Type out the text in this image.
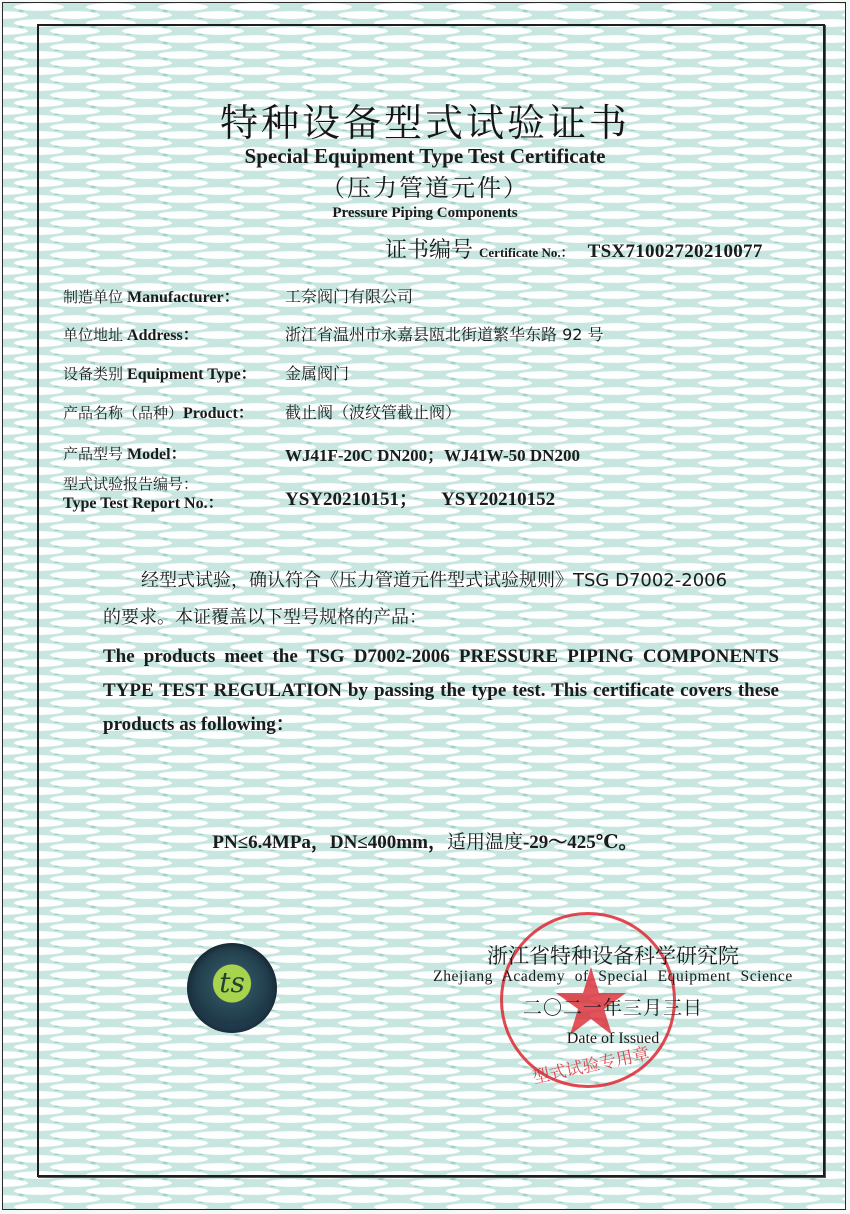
特种设备型式试验证书
Special Equipment Type Test Certificate
（压力管道元件）
Pressure Piping Components
证书编号 Certificate No.： TSX71002720210077
制造单位 Manufacturer：	工奈阀门有限公司
单位地址 Address：	浙江省温州市永嘉县瓯北街道繁华东路 92 号
设备类别 Equipment Type： 金属阀门
产品名称（品种）Product： 截止阀（波纹管截止阀）
产品型号 Model：	WJ41F-20C DN200；WJ41W-50 DN200
型式试验报告编号：
Type Test Report No.：	YSY20210151；     YSY20210152
经型式试验，确认符合《压力管道元件型式试验规则》TSG D7002-2006
的要求。本证覆盖以下型号规格的产品：
The products meet the TSG D7002-2006 PRESSURE PIPING COMPONENTS TYPE TEST REGULATION by passing the type test. This certificate covers these products as following：
PN≤6.4MPa，DN≤400mm，适用温度-29～425℃。
ts
型式试验专用章
浙江省特种设备科学研究院
Zhejiang Academy of Special Equipment Science
二〇二一年三月三日
Date of Issued
